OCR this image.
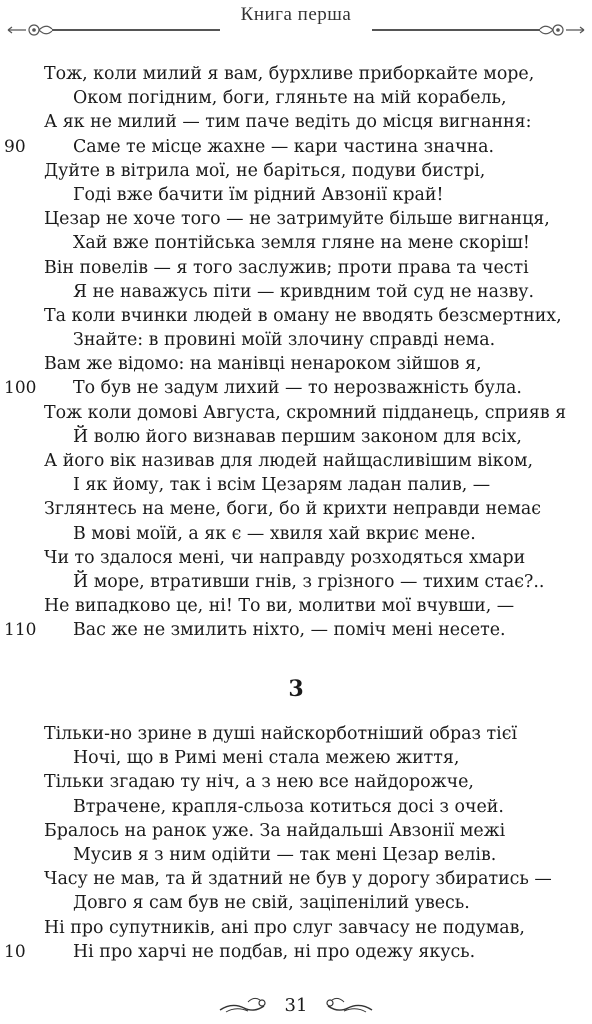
Книга перша
Тож, коли милий я вам, бурхливе приборкайте море,
Оком погідним, боги, гляньте на мій корабель,
А як не милий — тим паче ведіть до місця вигнання:
90	Саме те місце жахне — кари частина значна.
Дуйте в вітрила мої, не баріться, подуви бистрі,
Годі вже бачити їм рідний Авзонії край!
Цезар не хоче того — не затримуйте більше вигнанця,
Хай вже понтійська земля гляне на мене скоріш!
Він повелів — я того заслужив; проти права та честі
Я не наважусь піти — кривдним той суд не назву.
Та коли вчинки людей в оману не вводять безсмертних,
Знайте: в провині моїй злочину справді нема.
Вам же відомо: на манівці ненароком зійшов я,
100 То був не задум лихий — то нерозважність була.
Тож коли домові Августа, скромний підданець, сприяв я
Й волю його визнавав першим законом для всіх,
А його вік називав для людей найщасливішим віком,
І як йому, так і всім Цезарям ладан палив, —
Зглянтесь на мене, боги, бо й крихти неправди немає
В мові моїй, а як є — хвиля хай вкриє мене.
Чи то здалося мені, чи направду розходяться хмари
Й море, втративши гнів, з грізного — тихим стає?..
Не випадково це, ні! То ви, молитви мої вчувши, —
110 Вас же не змилить ніхто, — поміч мені несете.
3
Тільки-но зрине в душі найскорботніший образ тієї
Ночі, що в Римі мені стала межею життя,
Тільки згадаю ту ніч, а з нею все найдорожче,
Втрачене, крапля-сльоза котиться досі з очей.
Бралось на ранок уже. За найдальші Авзонії межі
Мусив я з ним одійти — так мені Цезар велів.
Часу не мав, та й здатний не був у дорогу збиратись —
Довго я сам був не свій, заціпенілий увесь.
Ні про супутників, ані про слуг завчасу не подумав,
10	Ні про харчі не подбав, ні про одежу якусь.
31
